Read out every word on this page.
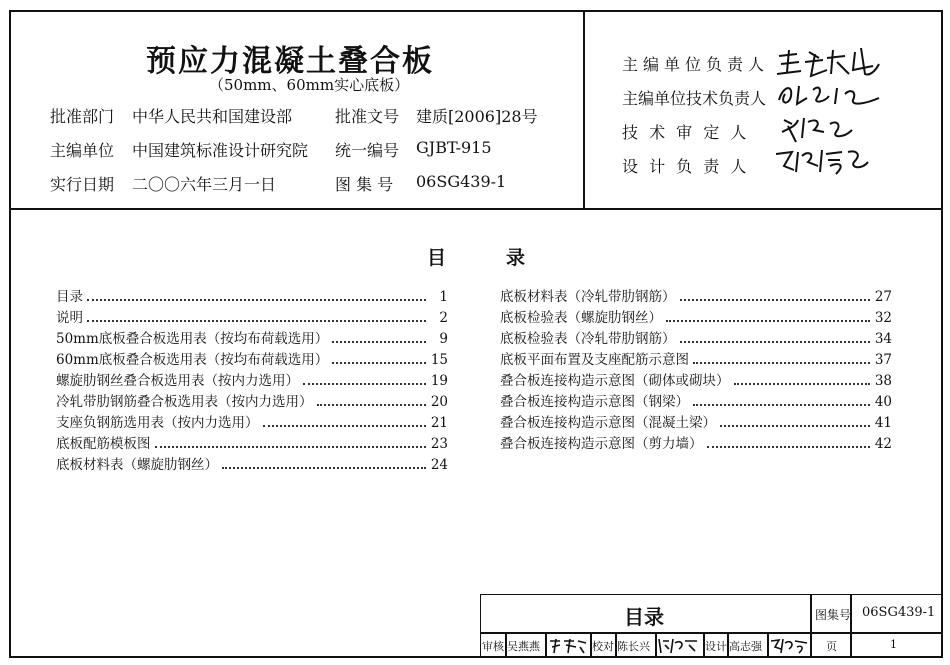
预应力混凝土叠合板
（50mm、60mm实心底板）
批准部门 中华人民共和国建设部	批准文号 建质[2006]28号
主编单位 中国建筑标准设计研究院 统一编号 GJBT-915
实行日期 二〇〇六年三月一日	图 集 号 06SG439-1
主编单位负责人
主编单位技术负责人
技 术 审 定 人
设 计 负 责 人
目	录
目录	1
说明	2
50mm底板叠合板选用表（按均布荷载选用）	9
60mm底板叠合板选用表（按均布荷载选用）	15
螺旋肋钢丝叠合板选用表（按内力选用）	19
冷轧带肋钢筋叠合板选用表（按内力选用）	20
支座负钢筋选用表（按内力选用）	21
底板配筋模板图	23
底板材料表（螺旋肋钢丝）	24
底板材料表（冷轧带肋钢筋）	27
底板检验表（螺旋肋钢丝）	32
底板检验表（冷轧带肋钢筋）	34
底板平面布置及支座配筋示意图	37
叠合板连接构造示意图（砌体或砌块）	38
叠合板连接构造示意图（钢梁）	40
叠合板连接构造示意图（混凝土梁）	41
叠合板连接构造示意图（剪力墙）	42
目录	图集号 06SG439-1
审核 吴燕燕	校对 陈长兴	设计 高志强	页	1
